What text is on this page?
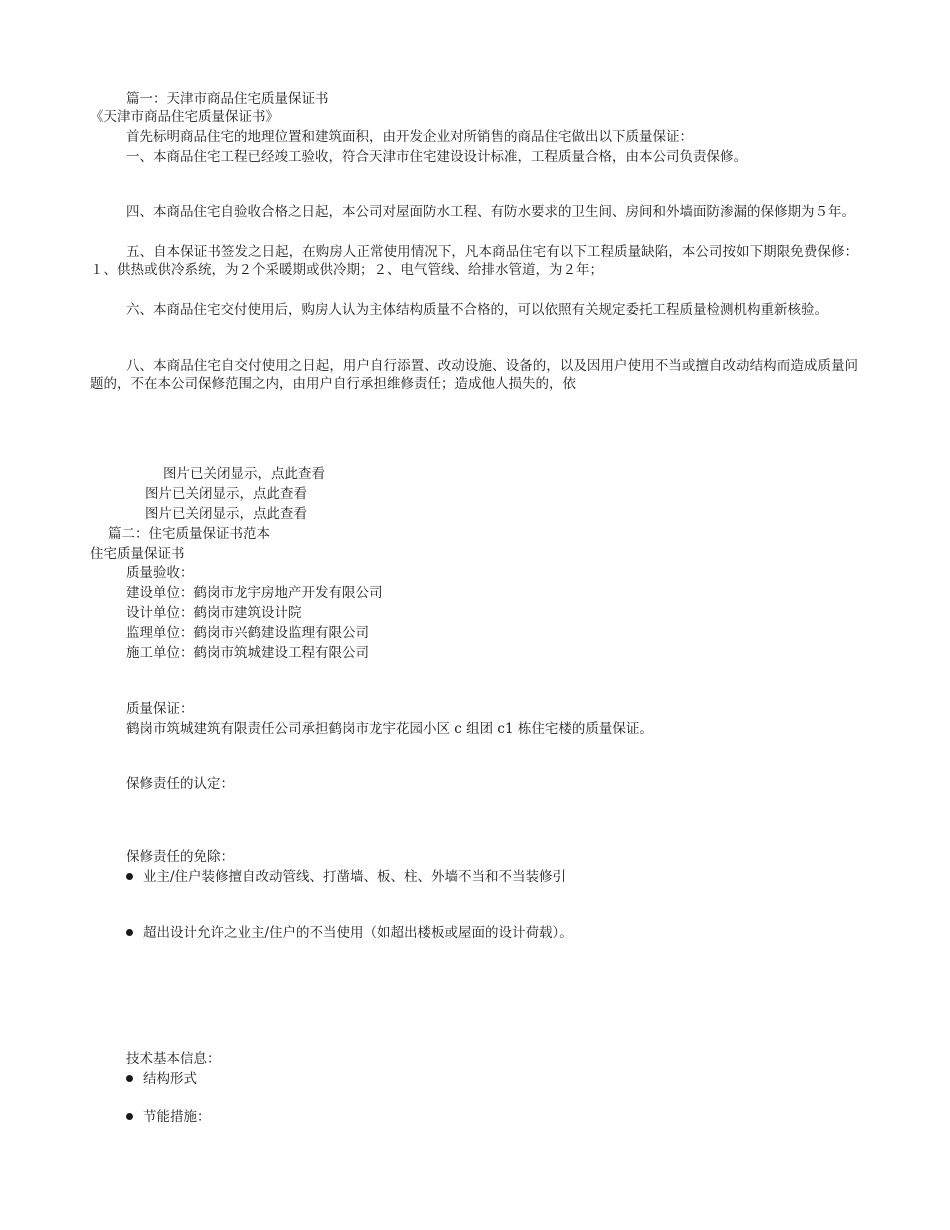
篇一：天津市商品住宅质量保证书
《天津市商品住宅质量保证书》
首先标明商品住宅的地理位置和建筑面积，由开发企业对所销售的商品住宅做出以下质量保证：
一、本商品住宅工程已经竣工验收，符合天津市住宅建设设计标准，工程质量合格，由本公司负责保修。
四、本商品住宅自验收合格之日起，本公司对屋面防水工程、有防水要求的卫生间、房间和外墙面防渗漏的保修期为５年。
五、自本保证书签发之日起，在购房人正常使用情况下，凡本商品住宅有以下工程质量缺陷，本公司按如下期限免费保修：１、供热或供冷系统，为２个采暖期或供冷期；２、电气管线、给排水管道，为２年；
六、本商品住宅交付使用后，购房人认为主体结构质量不合格的，可以依照有关规定委托工程质量检测机构重新核验。
八、本商品住宅自交付使用之日起，用户自行添置、改动设施、设备的，以及因用户使用不当或擅自改动结构而造成质量问题的，不在本公司保修范围之内，由用户自行承担维修责任；造成他人损失的，依
图片已关闭显示，点此查看
图片已关闭显示，点此查看
图片已关闭显示，点此查看
篇二：住宅质量保证书范本
住宅质量保证书
质量验收：
建设单位：鹤岗市龙宇房地产开发有限公司
设计单位：鹤岗市建筑设计院
监理单位：鹤岗市兴鹤建设监理有限公司
施工单位：鹤岗市筑城建设工程有限公司
质量保证：
鹤岗市筑城建筑有限责任公司承担鹤岗市龙宇花园小区 c 组团 c1 栋住宅楼的质量保证。
保修责任的认定：
保修责任的免除：
业主/住户装修擅自改动管线、打凿墙、板、柱、外墙不当和不当装修引
超出设计允许之业主/住户的不当使用（如超出楼板或屋面的设计荷载）。
技术基本信息：
结构形式
节能措施：
